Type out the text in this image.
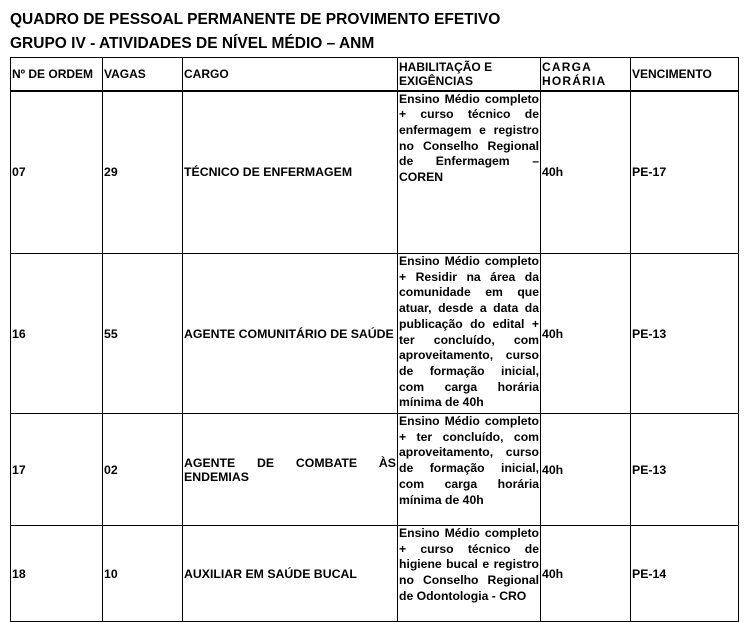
QUADRO DE PESSOAL PERMANENTE DE PROVIMENTO EFETIVO
GRUPO IV - ATIVIDADES DE NÍVEL MÉDIO – ANM
Nº DE ORDEM	VAGAS	CARGO	HABILITAÇÃO E EXIGÊNCIAS	CARGA HORÁRIA	VENCIMENTO
07	29	TÉCNICO DE ENFERMAGEM	Ensino Médio completo + curso técnico de enfermagem e registro no Conselho Regional de Enfermagem – COREN	40h	PE-17
16	55	AGENTE COMUNITÁRIO DE SAÚDE	Ensino Médio completo + Residir na área da comunidade em que atuar, desde a data da publicação do edital + ter concluído, com aproveitamento, curso de formação inicial, com carga horária mínima de 40h	40h	PE-13
17	02	AGENTE DE COMBATE ÀS ENDEMIAS	Ensino Médio completo + ter concluído, com aproveitamento, curso de formação inicial, com carga horária mínima de 40h	40h	PE-13
18	10	AUXILIAR EM SAÚDE BUCAL	Ensino Médio completo + curso técnico de higiene bucal e registro no Conselho Regional de Odontologia - CRO	40h	PE-14
